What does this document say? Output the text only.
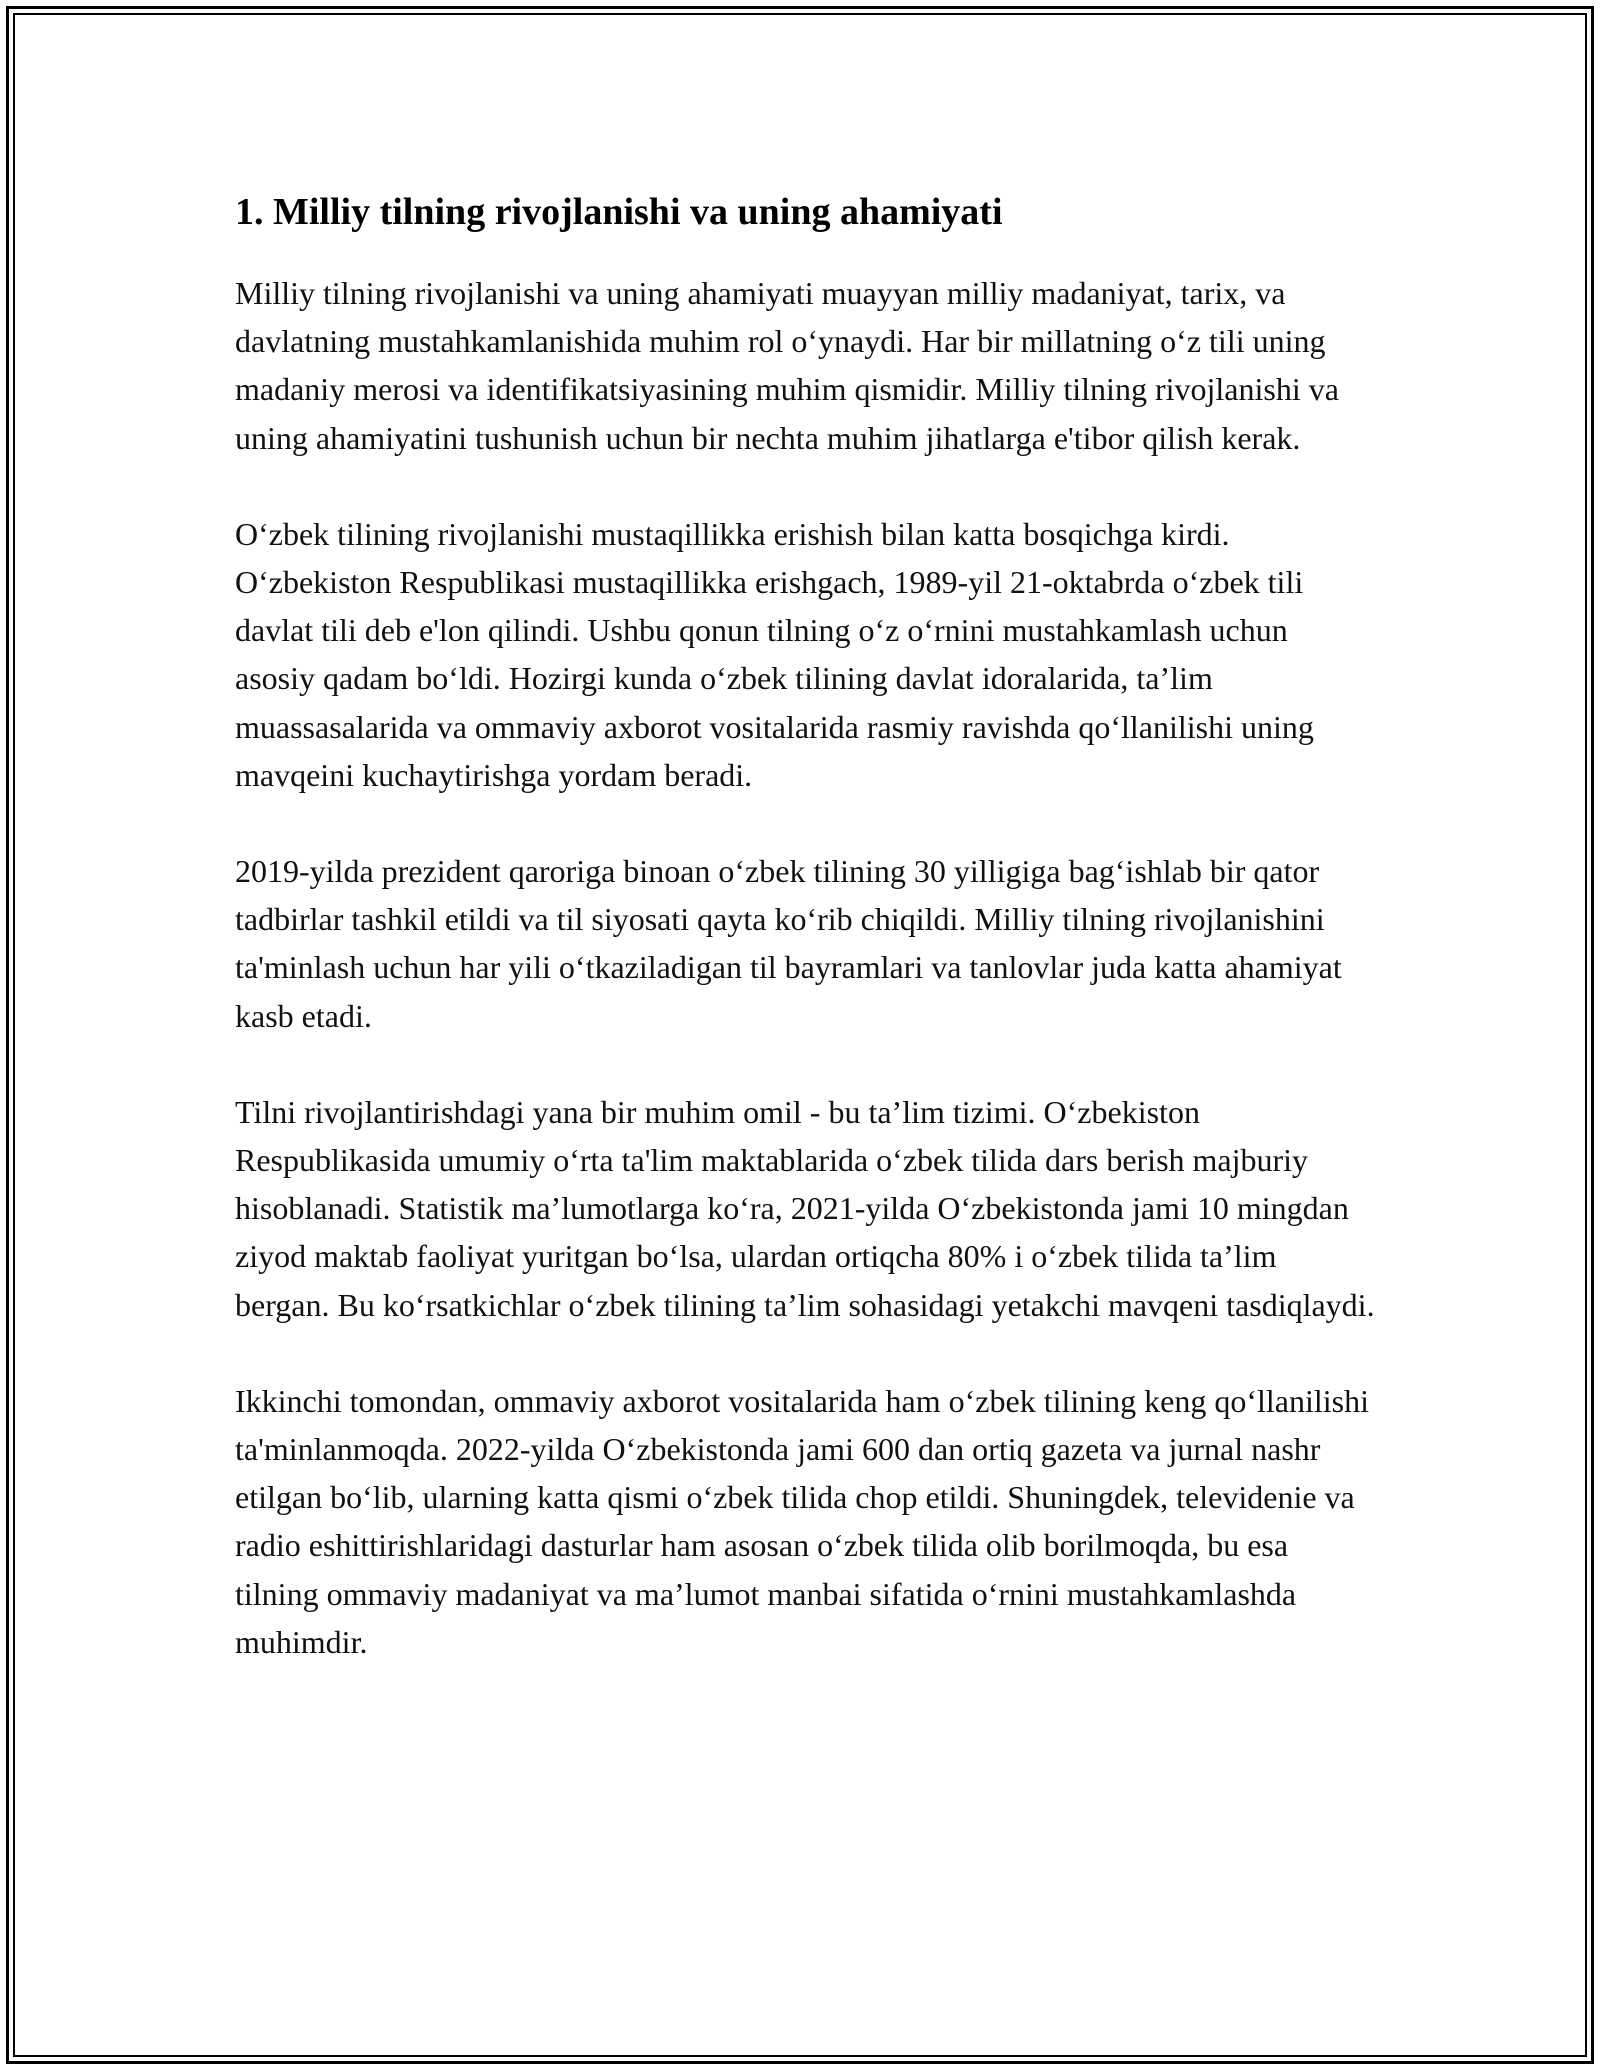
1. Milliy tilning rivojlanishi va uning ahamiyati

Milliy tilning rivojlanishi va uning ahamiyati muayyan milliy madaniyat, tarix, va davlatning mustahkamlanishida muhim rol o‘ynaydi. Har bir millatning o‘z tili uning madaniy merosi va identifikatsiyasining muhim qismidir. Milliy tilning rivojlanishi va uning ahamiyatini tushunish uchun bir nechta muhim jihatlarga e'tibor qilish kerak.

O‘zbek tilining rivojlanishi mustaqillikka erishish bilan katta bosqichga kirdi. O‘zbekiston Respublikasi mustaqillikka erishgach, 1989-yil 21-oktabrda o‘zbek tili davlat tili deb e'lon qilindi. Ushbu qonun tilning o‘z o‘rnini mustahkamlash uchun asosiy qadam bo‘ldi. Hozirgi kunda o‘zbek tilining davlat idoralarida, ta’lim muassasalarida va ommaviy axborot vositalarida rasmiy ravishda qo‘llanilishi uning mavqeini kuchaytirishga yordam beradi.

2019-yilda prezident qaroriga binoan o‘zbek tilining 30 yilligiga bag‘ishlab bir qator tadbirlar tashkil etildi va til siyosati qayta ko‘rib chiqildi. Milliy tilning rivojlanishini ta'minlash uchun har yili o‘tkaziladigan til bayramlari va tanlovlar juda katta ahamiyat kasb etadi.

Tilni rivojlantirishdagi yana bir muhim omil - bu ta’lim tizimi. O‘zbekiston Respublikasida umumiy o‘rta ta'lim maktablarida o‘zbek tilida dars berish majburiy hisoblanadi. Statistik ma’lumotlarga ko‘ra, 2021-yilda O‘zbekistonda jami 10 mingdan ziyod maktab faoliyat yuritgan bo‘lsa, ulardan ortiqcha 80% i o‘zbek tilida ta’lim bergan. Bu ko‘rsatkichlar o‘zbek tilining ta’lim sohasidagi yetakchi mavqeni tasdiqlaydi.

Ikkinchi tomondan, ommaviy axborot vositalarida ham o‘zbek tilining keng qo‘llanilishi ta'minlanmoqda. 2022-yilda O‘zbekistonda jami 600 dan ortiq gazeta va jurnal nashr etilgan bo‘lib, ularning katta qismi o‘zbek tilida chop etildi. Shuningdek, televidenie va radio eshittirishlaridagi dasturlar ham asosan o‘zbek tilida olib borilmoqda, bu esa tilning ommaviy madaniyat va ma’lumot manbai sifatida o‘rnini mustahkamlashda muhimdir.
